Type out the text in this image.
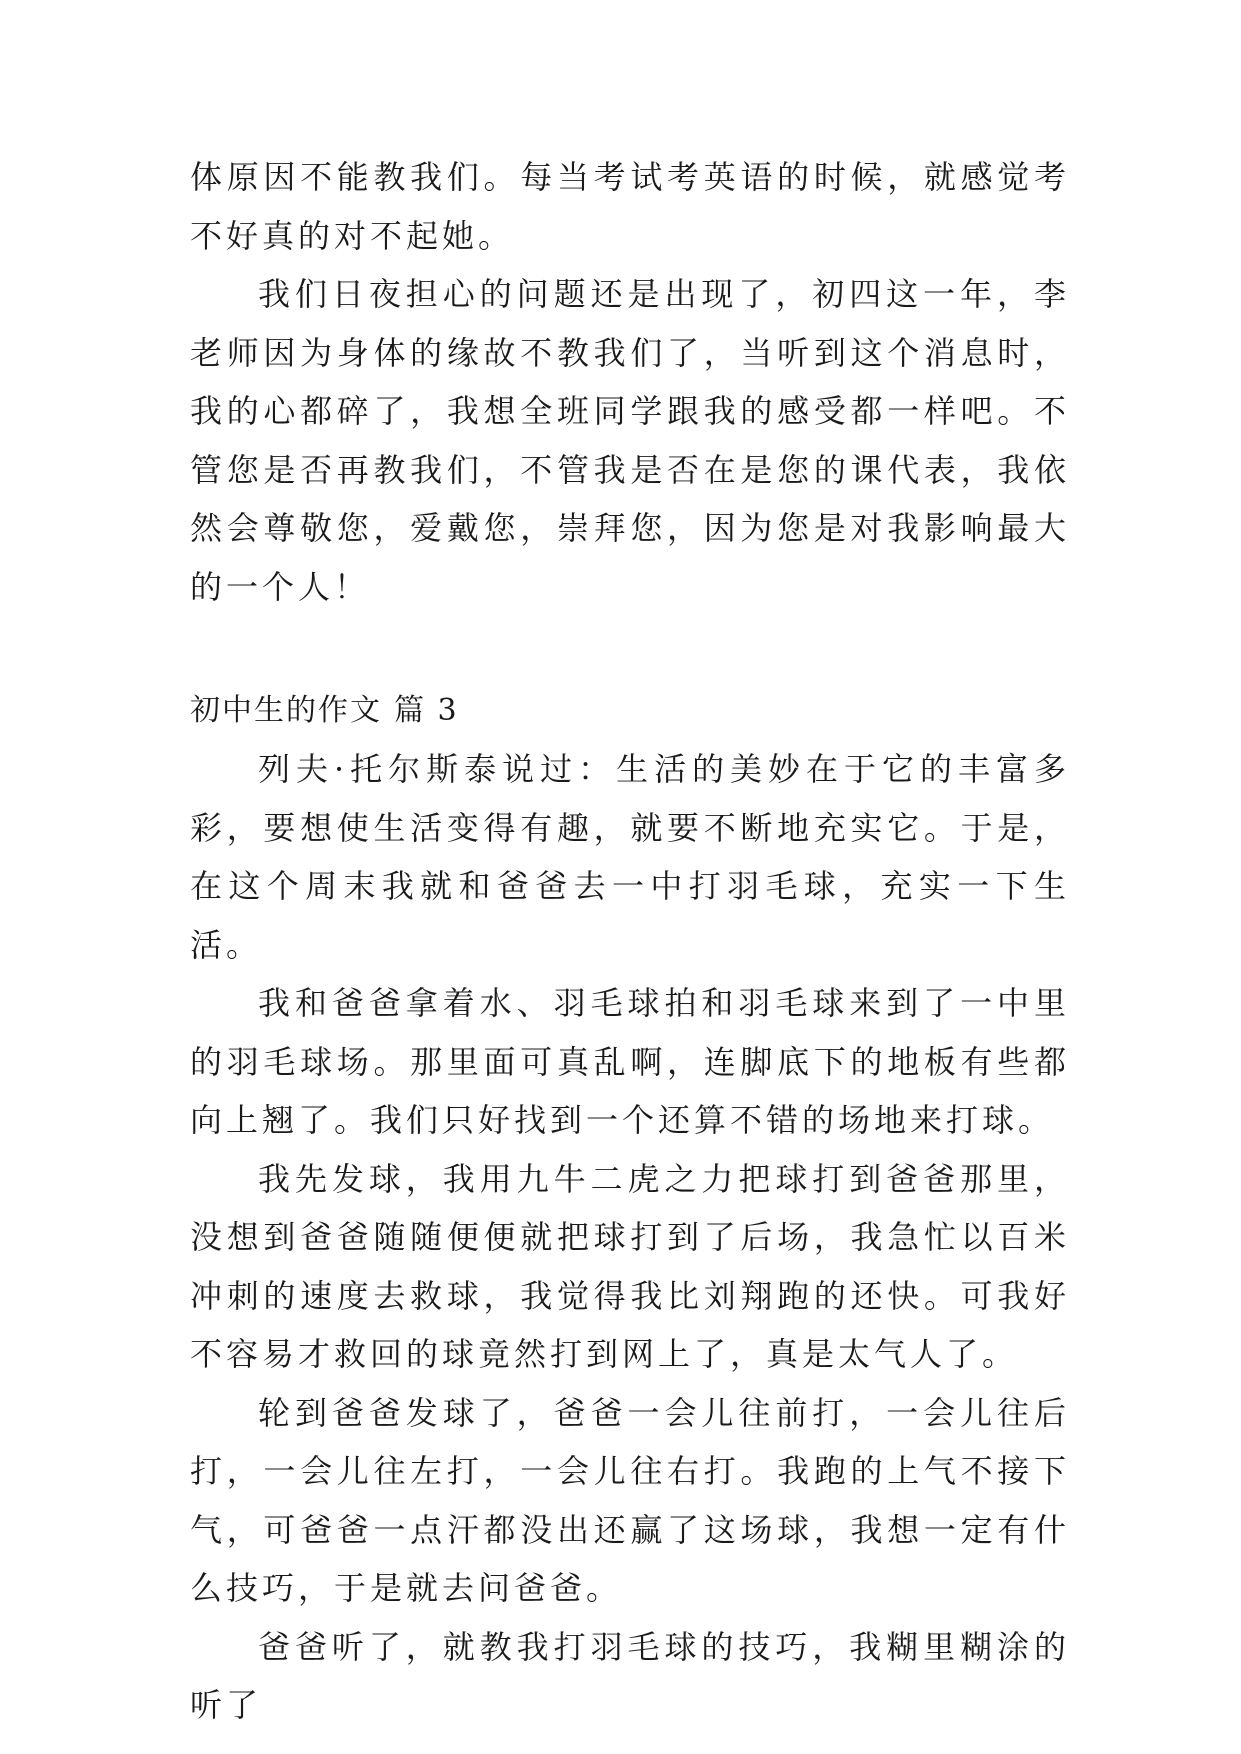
体原因不能教我们。每当考试考英语的时候，就感觉考不好真的对不起她。

我们日夜担心的问题还是出现了，初四这一年，李老师因为身体的缘故不教我们了，当听到这个消息时，我的心都碎了，我想全班同学跟我的感受都一样吧。不管您是否再教我们，不管我是否在是您的课代表，我依然会尊敬您，爱戴您，崇拜您，因为您是对我影响最大的一个人！

初中生的作文 篇 3

列夫·托尔斯泰说过：生活的美妙在于它的丰富多彩，要想使生活变得有趣，就要不断地充实它。于是，在这个周末我就和爸爸去一中打羽毛球，充实一下生活。

我和爸爸拿着水、羽毛球拍和羽毛球来到了一中里的羽毛球场。那里面可真乱啊，连脚底下的地板有些都向上翘了。我们只好找到一个还算不错的场地来打球。

我先发球，我用九牛二虎之力把球打到爸爸那里，没想到爸爸随随便便就把球打到了后场，我急忙以百米冲刺的速度去救球，我觉得我比刘翔跑的还快。可我好不容易才救回的球竟然打到网上了，真是太气人了。

轮到爸爸发球了，爸爸一会儿往前打，一会儿往后打，一会儿往左打，一会儿往右打。我跑的上气不接下气，可爸爸一点汗都没出还赢了这场球，我想一定有什么技巧，于是就去问爸爸。

爸爸听了，就教我打羽毛球的技巧，我糊里糊涂的听了
